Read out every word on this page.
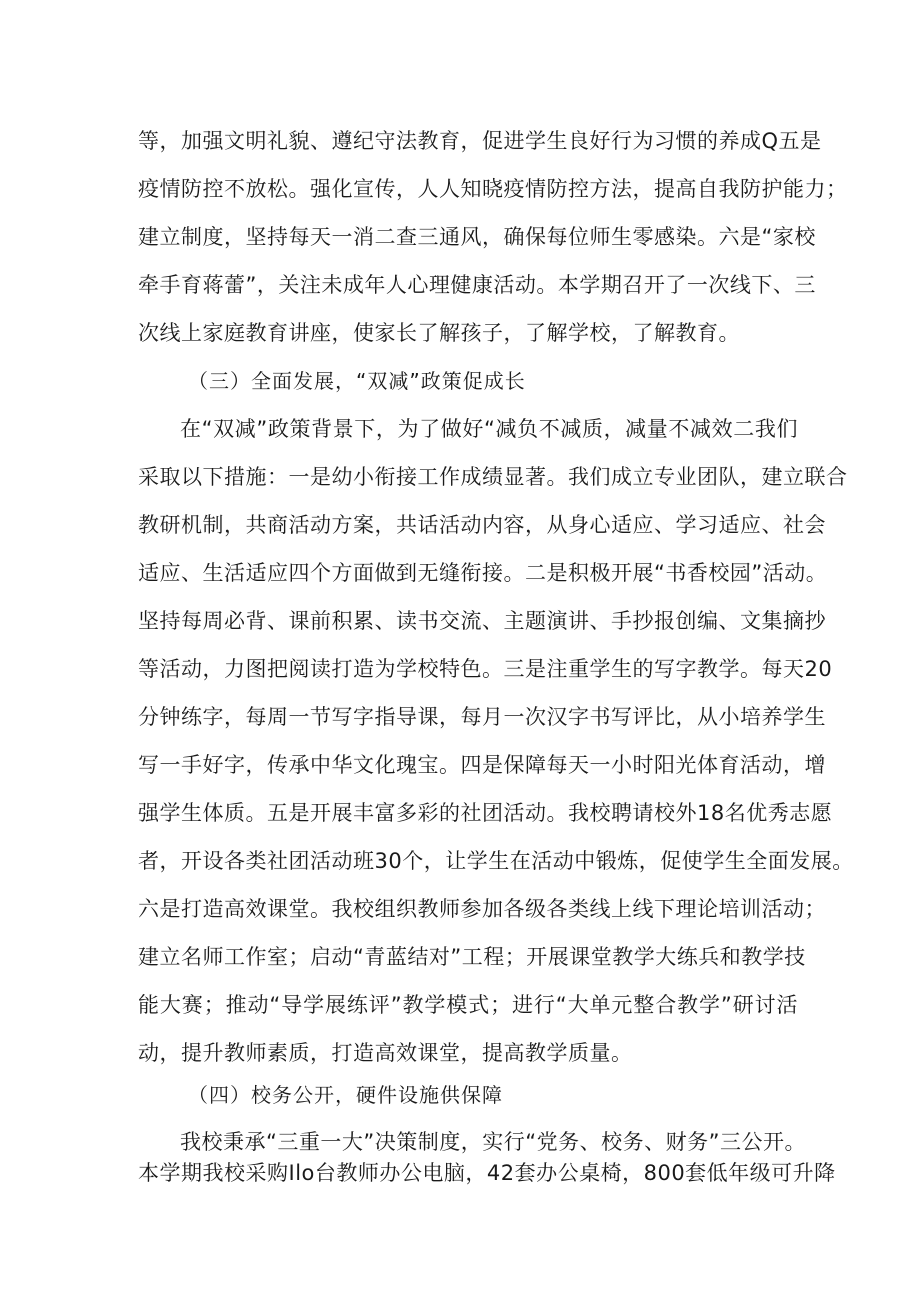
等，加强文明礼貌、遵纪守法教育，促进学生良好行为习惯的养成Q五是
疫情防控不放松。强化宣传，人人知晓疫情防控方法，提高自我防护能力；
建立制度，坚持每天一消二查三通风，确保每位师生零感染。六是“家校
牵手育蒋蕾”，关注未成年人心理健康活动。本学期召开了一次线下、三
次线上家庭教育讲座，使家长了解孩子，了解学校，了解教育。
（三）全面发展，“双减”政策促成长
在“双减”政策背景下，为了做好“减负不减质，减量不减效二我们
采取以下措施：一是幼小衔接工作成绩显著。我们成立专业团队，建立联合
教研机制，共商活动方案，共话活动内容，从身心适应、学习适应、社会
适应、生活适应四个方面做到无缝衔接。二是积极开展“书香校园”活动。
坚持每周必背、课前积累、读书交流、主题演讲、手抄报创编、文集摘抄
等活动，力图把阅读打造为学校特色。三是注重学生的写字教学。每天20
分钟练字，每周一节写字指导课，每月一次汉字书写评比，从小培养学生
写一手好字，传承中华文化瑰宝。四是保障每天一小时阳光体育活动，增
强学生体质。五是开展丰富多彩的社团活动。我校聘请校外18名优秀志愿
者，开设各类社团活动班30个，让学生在活动中锻炼，促使学生全面发展。
六是打造高效课堂。我校组织教师参加各级各类线上线下理论培训活动；
建立名师工作室；启动“青蓝结对”工程；开展课堂教学大练兵和教学技
能大赛；推动“导学展练评”教学模式；进行“大单元整合教学”研讨活
动，提升教师素质，打造高效课堂，提高教学质量。
（四）校务公开，硬件设施供保障
我校秉承“三重一大”决策制度，实行“党务、校务、财务”三公开。
本学期我校采购Ilo台教师办公电脑，42套办公桌椅，800套低年级可升降
